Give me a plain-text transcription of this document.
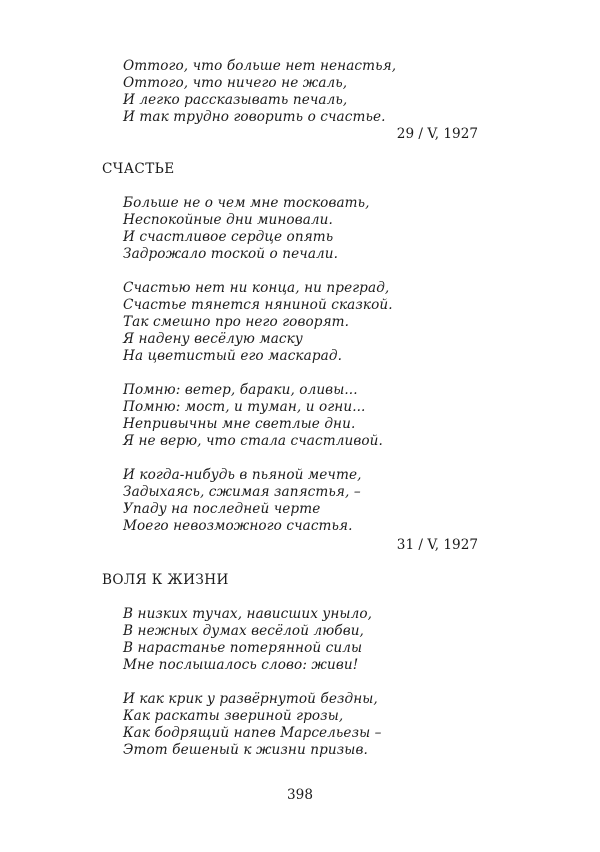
Оттого, что больше нет ненастья,
Оттого, что ничего не жаль,
И легко рассказывать печаль,
И так трудно говорить о счастье.
29 / V, 1927
СЧАСТЬЕ
Больше не о чем мне тосковать,
Неспокойные дни миновали.
И счастливое сердце опять
Задрожало тоской о печали.
Счастью нет ни конца, ни преград,
Счастье тянется няниной сказкой.
Так смешно про него говорят.
Я надену весёлую маску
На цветистый его маскарад.
Помню: ветер, бараки, оливы...
Помню: мост, и туман, и огни...
Непривычны мне светлые дни.
Я не верю, что стала счастливой.
И когда-нибудь в пьяной мечте,
Задыхаясь, сжимая запястья, –
Упаду на последней черте
Моего невозможного счастья.
31 / V, 1927
ВОЛЯ К ЖИЗНИ
В низких тучах, нависших уныло,
В нежных думах весёлой любви,
В нарастанье потерянной силы
Мне послышалось слово: живи!
И как крик у развёрнутой бездны,
Как раскаты звериной грозы,
Как бодрящий напев Марсельезы –
Этот бешеный к жизни призыв.
398
